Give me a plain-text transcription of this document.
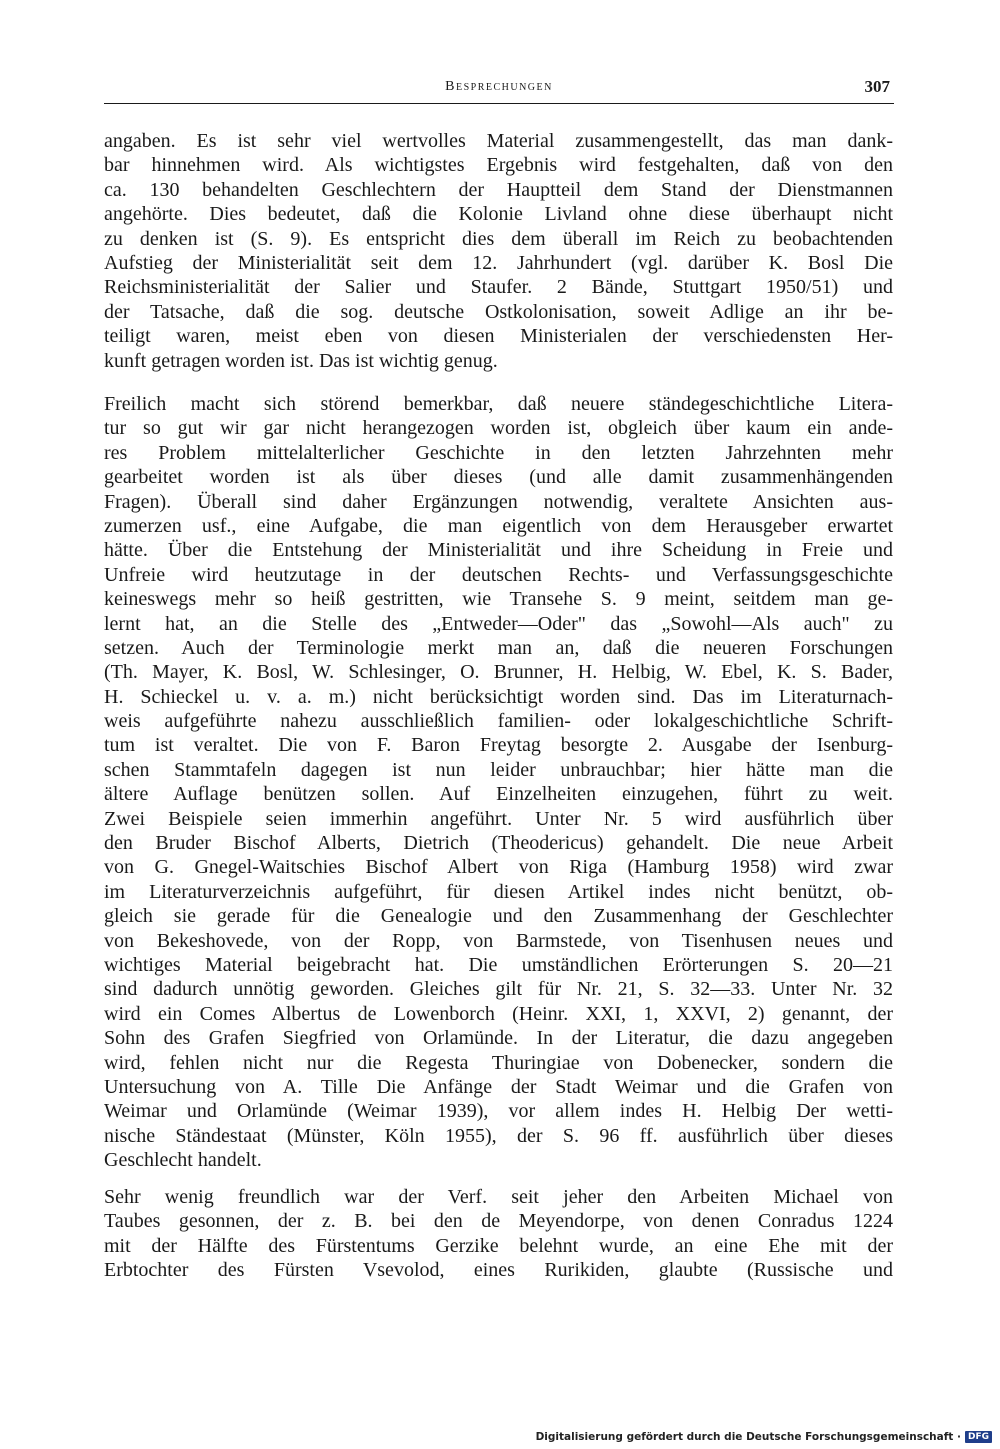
Besprechungen	307
angaben. Es ist sehr viel wertvolles Material zusammengestellt, das man dank-
bar hinnehmen wird. Als wichtigstes Ergebnis wird festgehalten, daß von den
ca. 130 behandelten Geschlechtern der Hauptteil dem Stand der Dienstmannen
angehörte. Dies bedeutet, daß die Kolonie Livland ohne diese überhaupt nicht
zu denken ist (S. 9). Es entspricht dies dem überall im Reich zu beobachtenden
Aufstieg der Ministerialität seit dem 12. Jahrhundert (vgl. darüber K. Bosl Die
Reichsministerialität der Salier und Staufer. 2 Bände, Stuttgart 1950/51) und
der Tatsache, daß die sog. deutsche Ostkolonisation, soweit Adlige an ihr be-
teiligt waren, meist eben von diesen Ministerialen der verschiedensten Her-
kunft getragen worden ist. Das ist wichtig genug.
Freilich macht sich störend bemerkbar, daß neuere ständegeschichtliche Litera-
tur so gut wir gar nicht herangezogen worden ist, obgleich über kaum ein ande-
res Problem mittelalterlicher Geschichte in den letzten Jahrzehnten mehr
gearbeitet worden ist als über dieses (und alle damit zusammenhängenden
Fragen). Überall sind daher Ergänzungen notwendig, veraltete Ansichten aus-
zumerzen usf., eine Aufgabe, die man eigentlich von dem Herausgeber erwartet
hätte. Über die Entstehung der Ministerialität und ihre Scheidung in Freie und
Unfreie wird heutzutage in der deutschen Rechts- und Verfassungsgeschichte
keineswegs mehr so heiß gestritten, wie Transehe S. 9 meint, seitdem man ge-
lernt hat, an die Stelle des „Entweder—Oder" das „Sowohl—Als auch" zu
setzen. Auch der Terminologie merkt man an, daß die neueren Forschungen
(Th. Mayer, K. Bosl, W. Schlesinger, O. Brunner, H. Helbig, W. Ebel, K. S. Bader,
H. Schieckel u. v. a. m.) nicht berücksichtigt worden sind. Das im Literaturnach-
weis aufgeführte nahezu ausschließlich familien- oder lokalgeschichtliche Schrift-
tum ist veraltet. Die von F. Baron Freytag besorgte 2. Ausgabe der Isenburg-
schen Stammtafeln dagegen ist nun leider unbrauchbar; hier hätte man die
ältere Auflage benützen sollen. Auf Einzelheiten einzugehen, führt zu weit.
Zwei Beispiele seien immerhin angeführt. Unter Nr. 5 wird ausführlich über
den Bruder Bischof Alberts, Dietrich (Theodericus) gehandelt. Die neue Arbeit
von G. Gnegel-Waitschies Bischof Albert von Riga (Hamburg 1958) wird zwar
im Literaturverzeichnis aufgeführt, für diesen Artikel indes nicht benützt, ob-
gleich sie gerade für die Genealogie und den Zusammenhang der Geschlechter
von Bekeshovede, von der Ropp, von Barmstede, von Tisenhusen neues und
wichtiges Material beigebracht hat. Die umständlichen Erörterungen S. 20—21
sind dadurch unnötig geworden. Gleiches gilt für Nr. 21, S. 32—33. Unter Nr. 32
wird ein Comes Albertus de Lowenborch (Heinr. XXI, 1, XXVI, 2) genannt, der
Sohn des Grafen Siegfried von Orlamünde. In der Literatur, die dazu angegeben
wird, fehlen nicht nur die Regesta Thuringiae von Dobenecker, sondern die
Untersuchung von A. Tille Die Anfänge der Stadt Weimar und die Grafen von
Weimar und Orlamünde (Weimar 1939), vor allem indes H. Helbig Der wetti-
nische Ständestaat (Münster, Köln 1955), der S. 96 ff. ausführlich über dieses
Geschlecht handelt.
Sehr wenig freundlich war der Verf. seit jeher den Arbeiten Michael von
Taubes gesonnen, der z. B. bei den de Meyendorpe, von denen Conradus 1224
mit der Hälfte des Fürstentums Gerzike belehnt wurde, an eine Ehe mit der
Erbtochter des Fürsten Vsevolod, eines Rurikiden, glaubte (Russische und
Digitalisierung gefördert durch die Deutsche Forschungsgemeinschaft · DFG
